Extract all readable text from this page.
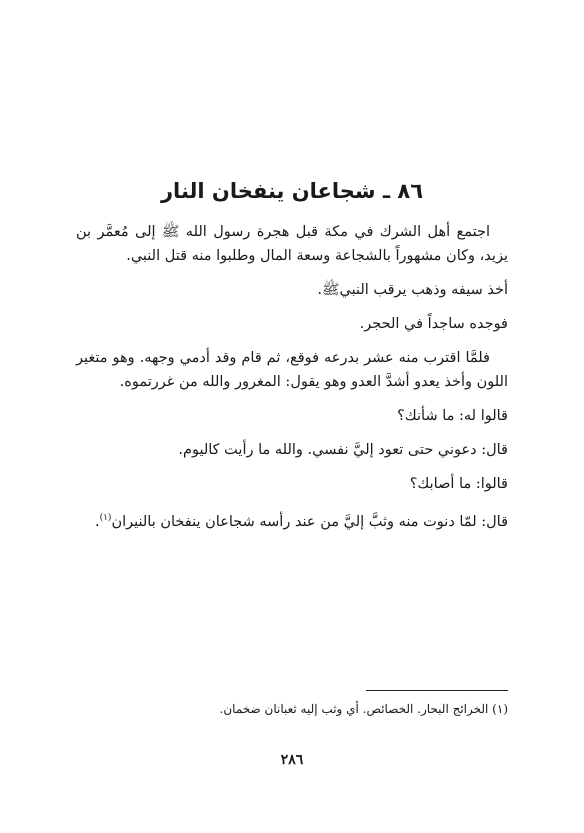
٨٦ ـ شجاعان ينفخان النار

اجتمع أهل الشرك في مكة قبل هجرة رسول الله ﷺ إلى مُعمَّر بن يزيد، وكان مشهوراً بالشجاعة وسعة المال وطلبوا منه قتل النبي.

أخذ سيفه وذهب يرقب النبيﷺ.

فوجده ساجداً في الحجر.

فلمَّا اقترب منه عشر بدرعه فوقع، ثم قام وقد أدمي وجهه. وهو متغير اللون وأخذ يعدو أشدَّ العدو وهو يقول: المغرور والله من غررتموه.

قالوا له: ما شأنك؟

قال: دعوني حتى تعود إليَّ نفسي. والله ما رأيت كاليوم.

قالوا: ما أصابك؟

قال: لمّا دنوت منه وثبَّ إليَّ من عند رأسه شجاعان ينفخان بالنيران$^{(١)}$.

(١) الخرائج البحار. الخصائص. أي وثب إليه ثعبانان ضخمان.
٢٨٦
